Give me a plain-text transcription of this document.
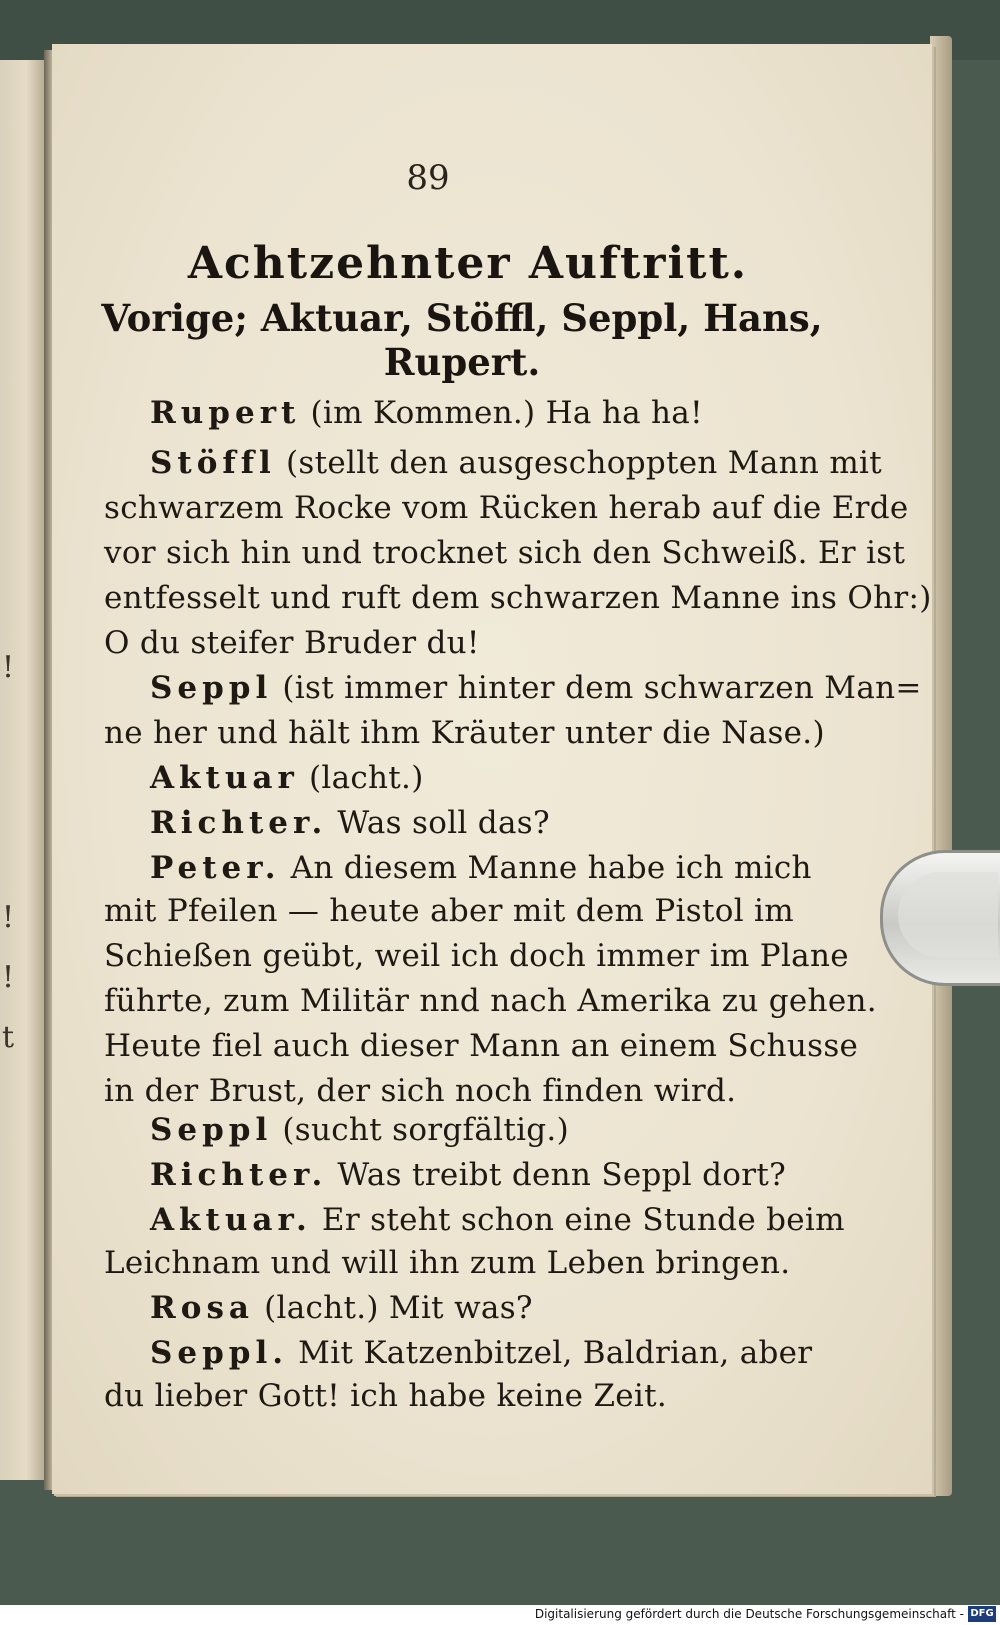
!
!
!
t
89
Achtzehnter Auftritt.
Vorige; Aktuar, Stöffl, Seppl, Hans,
Rupert.
Rupert (im Kommen.) Ha ha ha!
Stöffl (stellt den ausgeschoppten Mann mit
schwarzem Rocke vom Rücken herab auf die Erde
vor sich hin und trocknet sich den Schweiß. Er ist
entfesselt und ruft dem schwarzen Manne ins Ohr:)
O du steifer Bruder du!
Seppl (ist immer hinter dem schwarzen Man=
ne her und hält ihm Kräuter unter die Nase.)
Aktuar (lacht.)
Richter. Was soll das?
Peter. An diesem Manne habe ich mich
mit Pfeilen — heute aber mit dem Pistol im
Schießen geübt, weil ich doch immer im Plane
führte, zum Militär nnd nach Amerika zu gehen.
Heute fiel auch dieser Mann an einem Schusse
in der Brust, der sich noch finden wird.
Seppl (sucht sorgfältig.)
Richter. Was treibt denn Seppl dort?
Aktuar. Er steht schon eine Stunde beim
Leichnam und will ihn zum Leben bringen.
Rosa (lacht.) Mit was?
Seppl. Mit Katzenbitzel, Baldrian, aber
du lieber Gott! ich habe keine Zeit.
Digitalisierung gefördert durch die Deutsche Forschungsgemeinschaft - DFG
